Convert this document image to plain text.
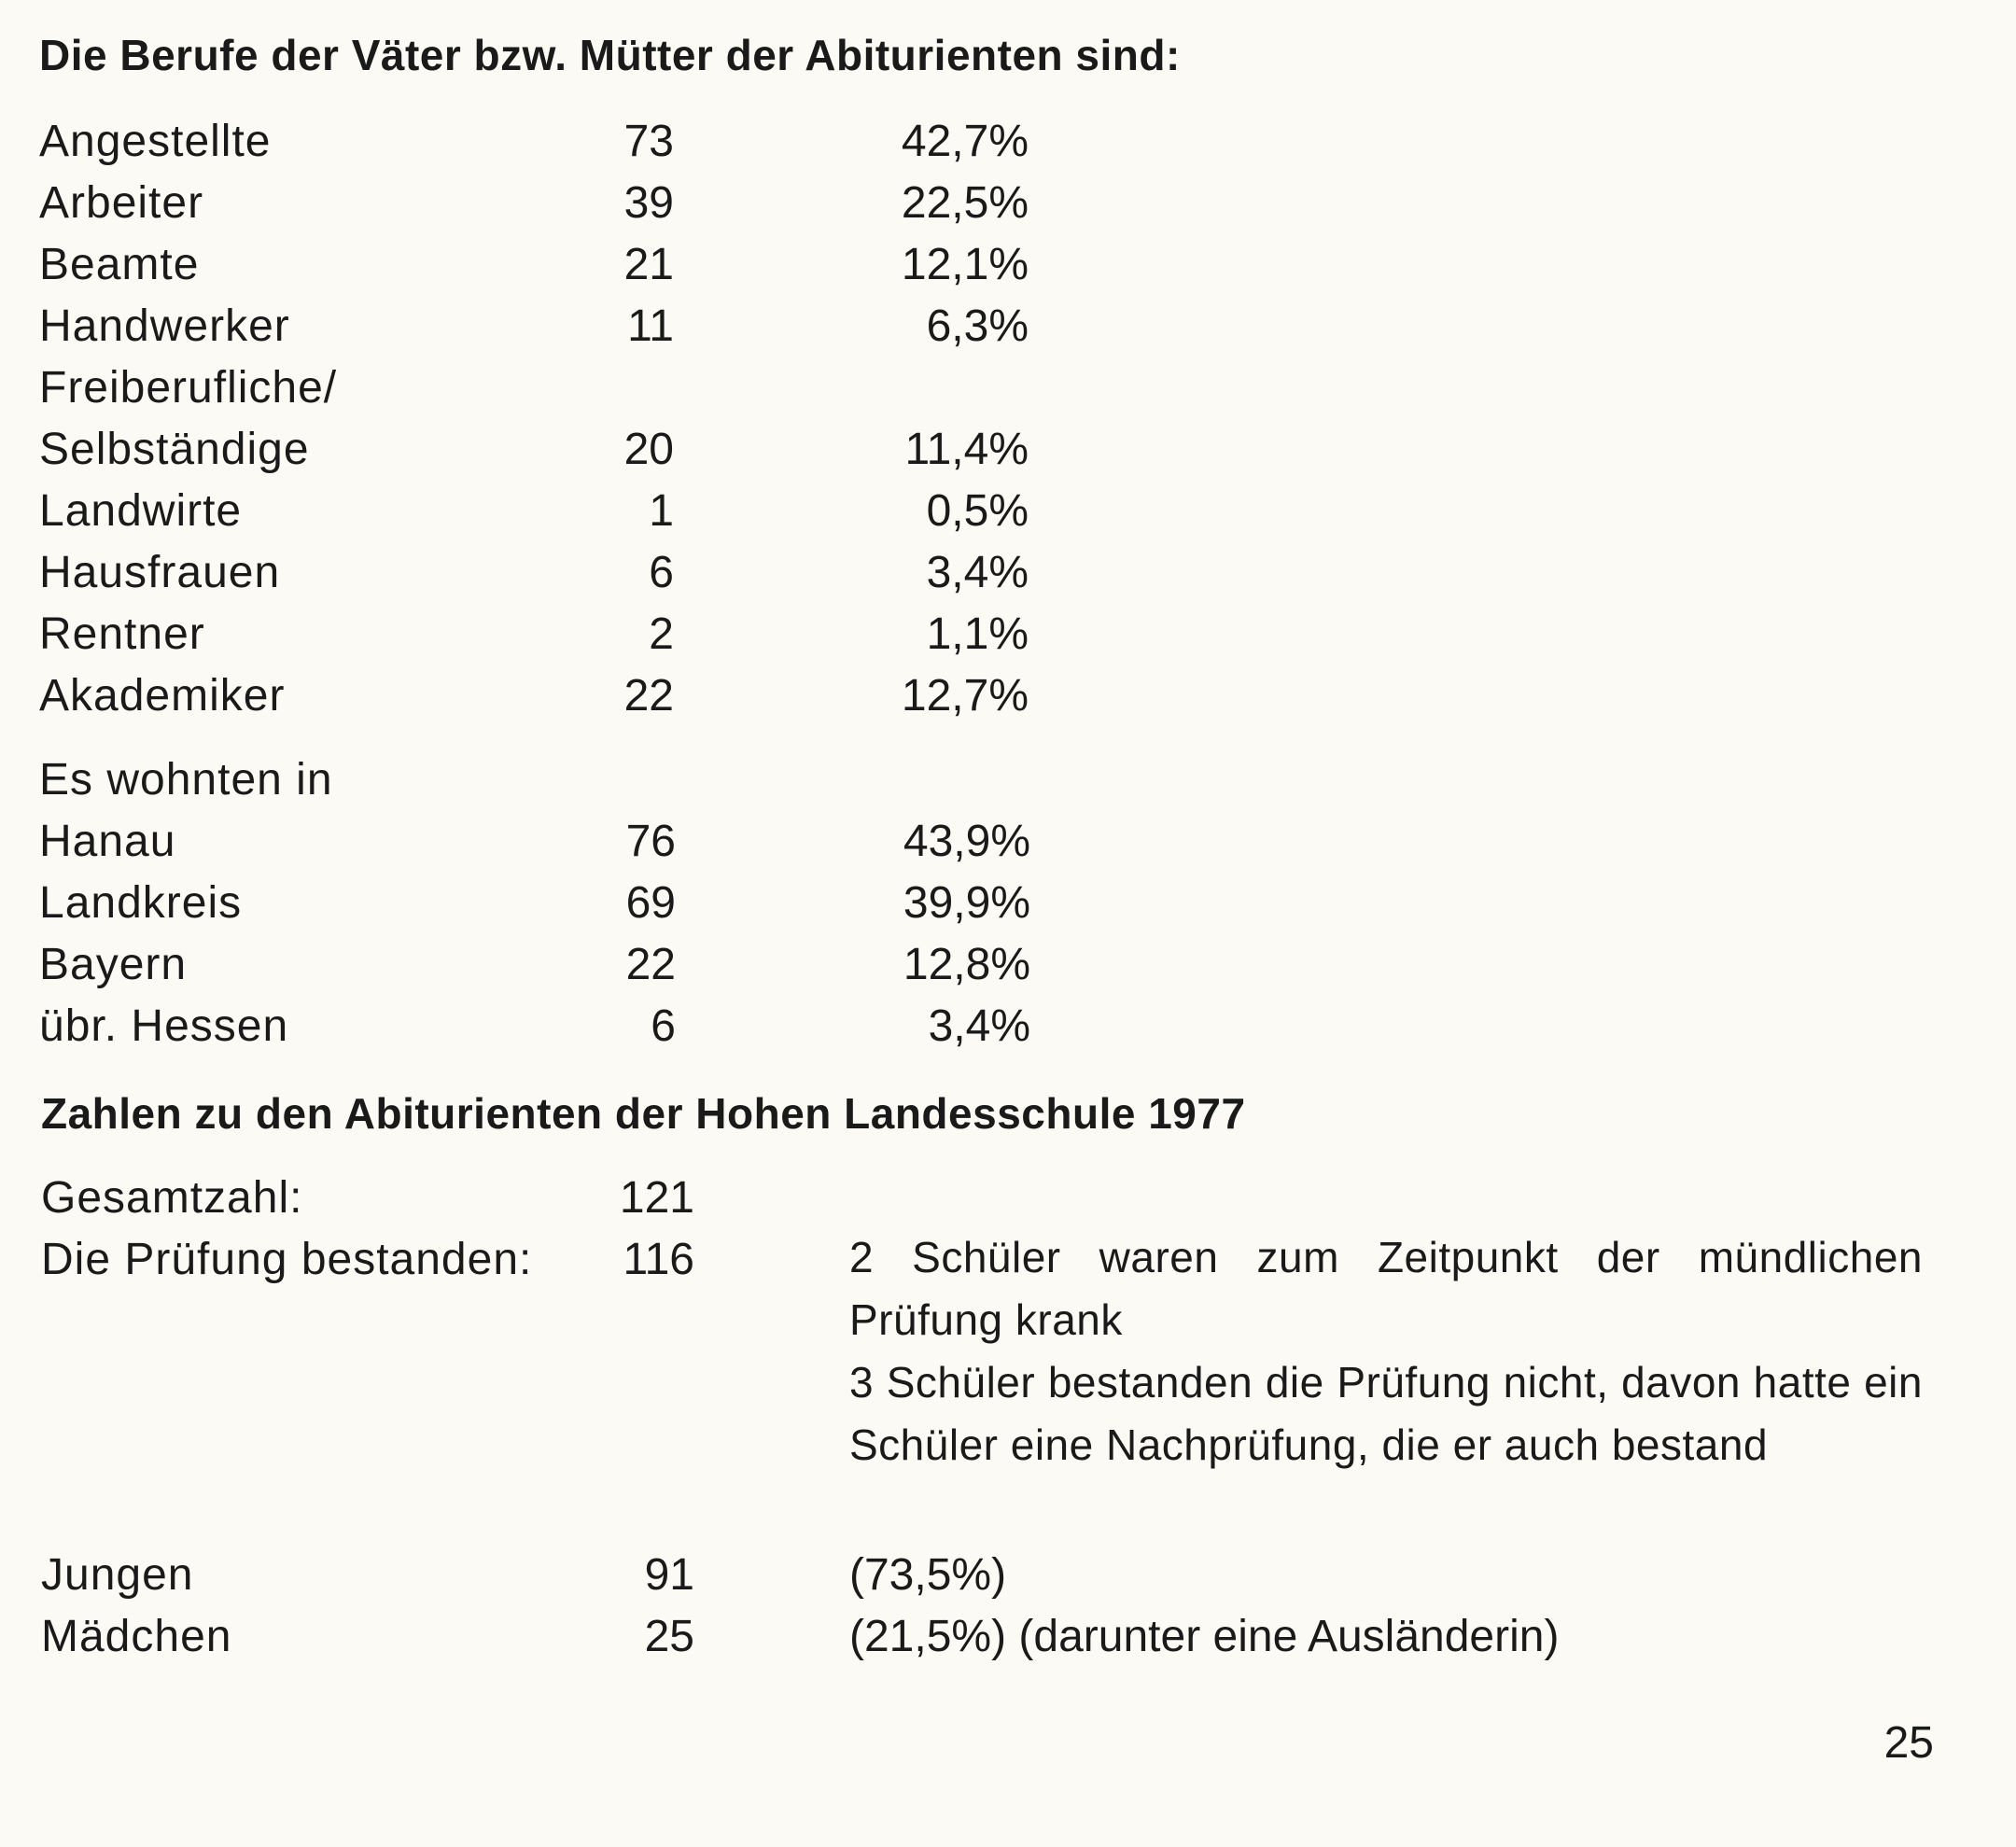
Die Berufe der Väter bzw. Mütter der Abiturienten sind:
Angestellte	73	42,7%
Arbeiter	39	22,5%
Beamte	21	12,1%
Handwerker	11	6,3%
Freiberufliche/
Selbständige	20	11,4%
Landwirte	1	0,5%
Hausfrauen	6	3,4%
Rentner	2	1,1%
Akademiker	22	12,7%
Es wohnten in
Hanau	76	43,9%
Landkreis	69	39,9%
Bayern	22	12,8%
übr. Hessen	6	3,4%
Zahlen zu den Abiturienten der Hohen Landesschule 1977
Gesamtzahl:	121
Die Prüfung bestanden:	116	2 Schüler waren zum Zeitpunkt der mündlichen Prüfung krank
3 Schüler bestanden die Prüfung nicht, davon hatte ein Schüler eine Nachprüfung, die er auch bestand
Jungen	91	(73,5%)
Mädchen	25	(21,5%) (darunter eine Ausländerin)
25
